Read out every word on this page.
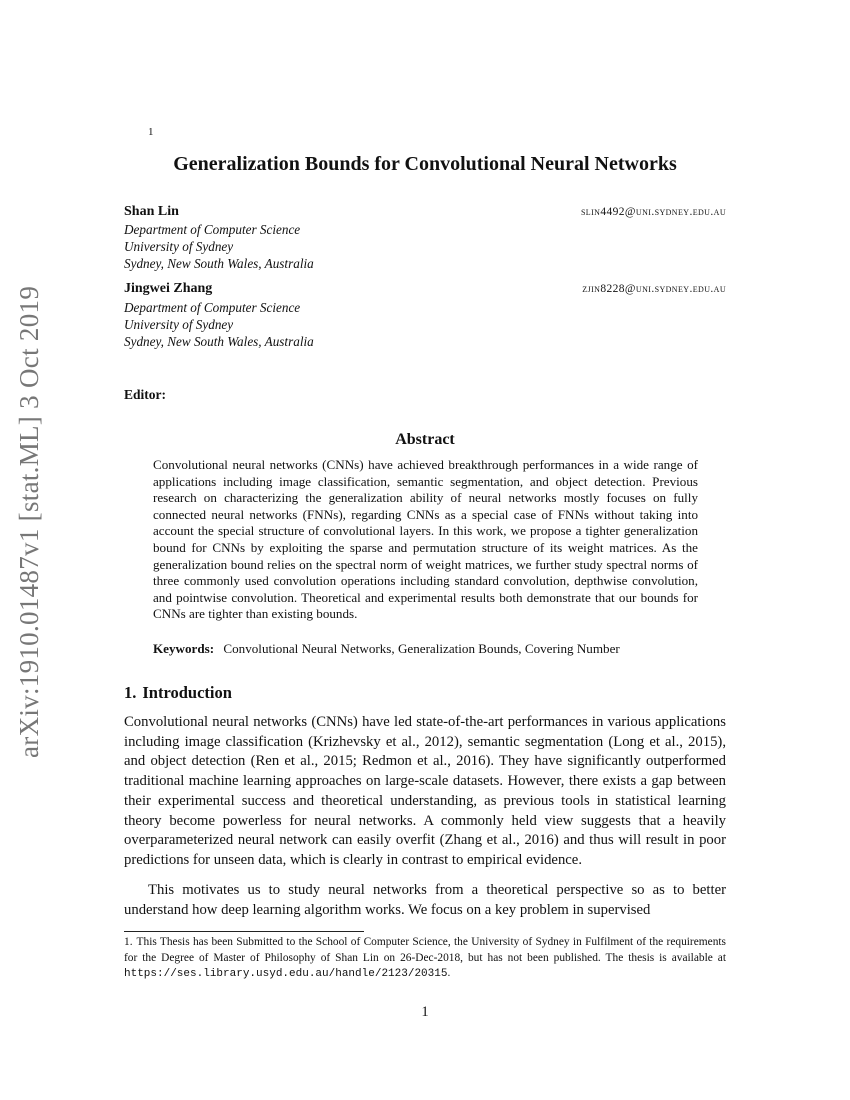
arXiv:1910.01487v1 [stat.ML] 3 Oct 2019
1
Generalization Bounds for Convolutional Neural Networks
Shan Lin	slin4492@uni.sydney.edu.au
Department of Computer Science
University of Sydney
Sydney, New South Wales, Australia
Jingwei Zhang	zjin8228@uni.sydney.edu.au
Department of Computer Science
University of Sydney
Sydney, New South Wales, Australia
Editor:
Abstract
Convolutional neural networks (CNNs) have achieved breakthrough performances in a wide range of applications including image classification, semantic segmentation, and object detection. Previous research on characterizing the generalization ability of neural networks mostly focuses on fully connected neural networks (FNNs), regarding CNNs as a special case of FNNs without taking into account the special structure of convolutional layers. In this work, we propose a tighter generalization bound for CNNs by exploiting the sparse and permutation structure of its weight matrices. As the generalization bound relies on the spectral norm of weight matrices, we further study spectral norms of three commonly used convolution operations including standard convolution, depthwise convolution, and pointwise convolution. Theoretical and experimental results both demonstrate that our bounds for CNNs are tighter than existing bounds.
Keywords: Convolutional Neural Networks, Generalization Bounds, Covering Number
1. Introduction
Convolutional neural networks (CNNs) have led state-of-the-art performances in various applications including image classification (Krizhevsky et al., 2012), semantic segmentation (Long et al., 2015), and object detection (Ren et al., 2015; Redmon et al., 2016). They have significantly outperformed traditional machine learning approaches on large-scale datasets. However, there exists a gap between their experimental success and theoretical understanding, as previous tools in statistical learning theory become powerless for neural networks. A commonly held view suggests that a heavily overparameterized neural network can easily overfit (Zhang et al., 2016) and thus will result in poor predictions for unseen data, which is clearly in contrast to empirical evidence.
This motivates us to study neural networks from a theoretical perspective so as to better understand how deep learning algorithm works. We focus on a key problem in supervised
1. This Thesis has been Submitted to the School of Computer Science, the University of Sydney in Fulfilment of the requirements for the Degree of Master of Philosophy of Shan Lin on 26-Dec-2018, but has not been published. The thesis is available at https://ses.library.usyd.edu.au/handle/2123/20315.
1
